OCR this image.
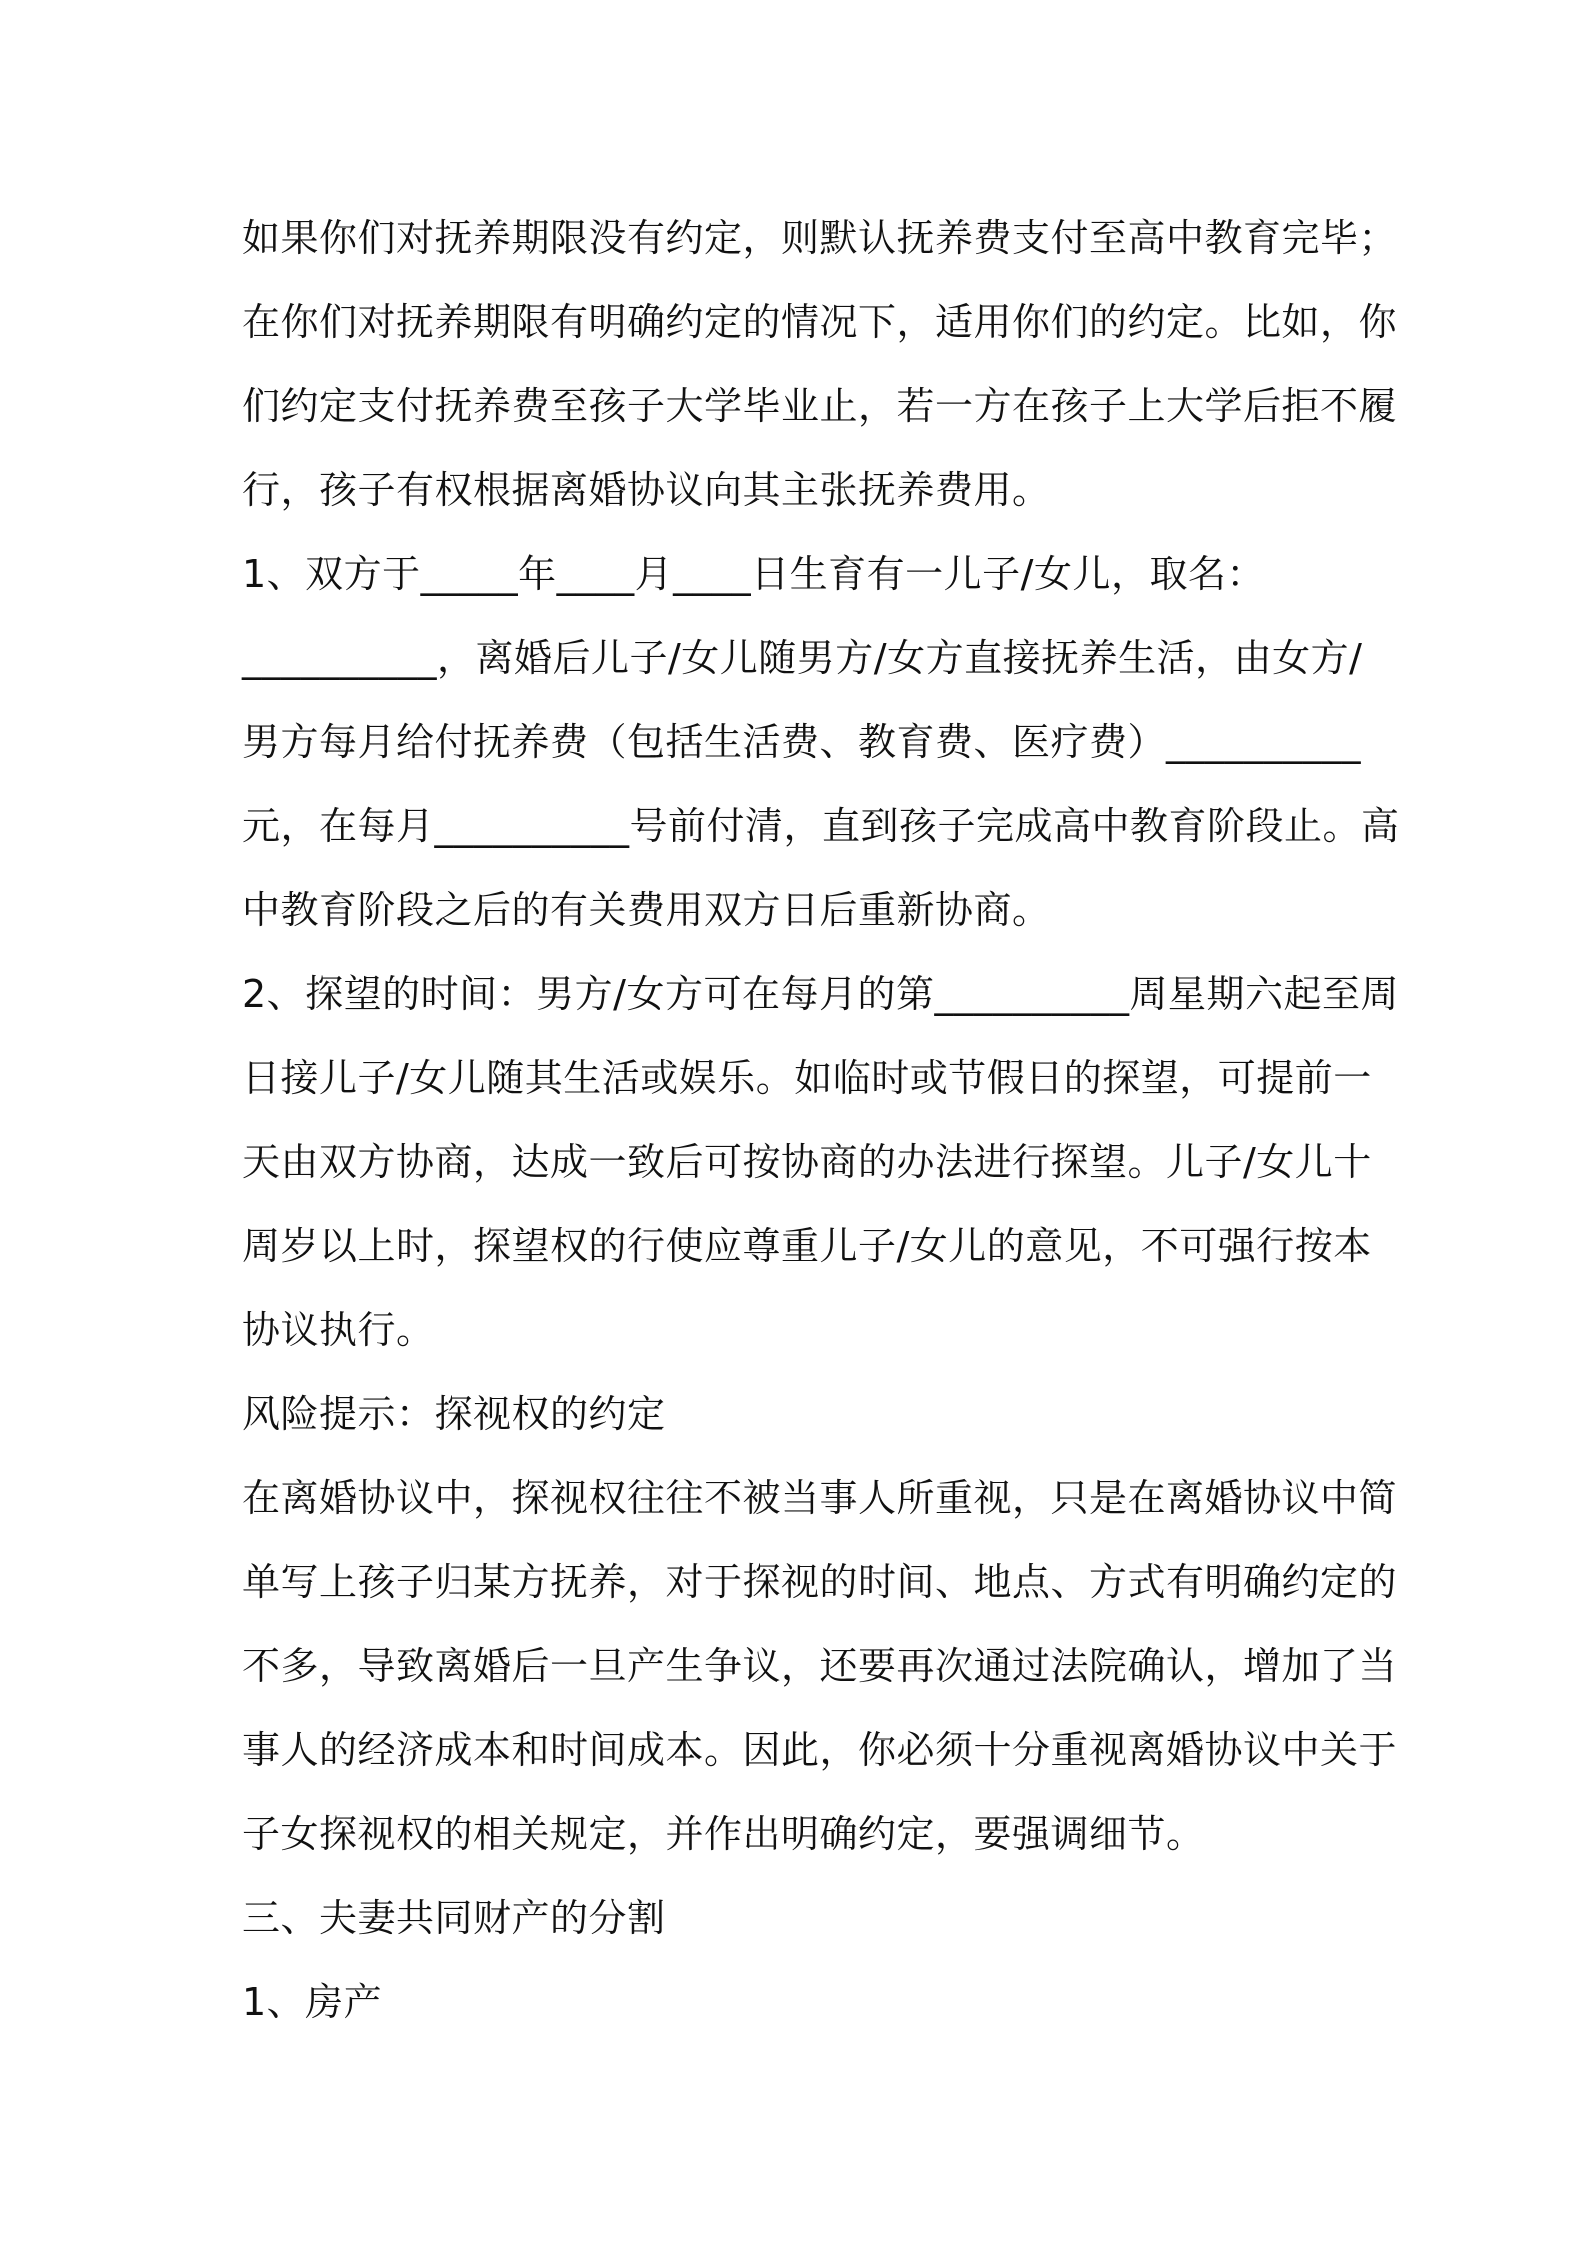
如果你们对抚养期限没有约定，则默认抚养费支付至高中教育完毕；
在你们对抚养期限有明确约定的情况下，适用你们的约定。比如，你
们约定支付抚养费至孩子大学毕业止，若一方在孩子上大学后拒不履
行，孩子有权根据离婚协议向其主张抚养费用。
1、双方于_____年____月____日生育有一儿子/女儿，取名：
__________，离婚后儿子/女儿随男方/女方直接抚养生活，由女方/
男方每月给付抚养费（包括生活费、教育费、医疗费）__________
元，在每月__________号前付清，直到孩子完成高中教育阶段止。高
中教育阶段之后的有关费用双方日后重新协商。
2、探望的时间：男方/女方可在每月的第__________周星期六起至周
日接儿子/女儿随其生活或娱乐。如临时或节假日的探望，可提前一
天由双方协商，达成一致后可按协商的办法进行探望。儿子/女儿十
周岁以上时，探望权的行使应尊重儿子/女儿的意见，不可强行按本
协议执行。
风险提示：探视权的约定
在离婚协议中，探视权往往不被当事人所重视，只是在离婚协议中简
单写上孩子归某方抚养，对于探视的时间、地点、方式有明确约定的
不多，导致离婚后一旦产生争议，还要再次通过法院确认，增加了当
事人的经济成本和时间成本。因此，你必须十分重视离婚协议中关于
子女探视权的相关规定，并作出明确约定，要强调细节。
三、夫妻共同财产的分割
1、房产
